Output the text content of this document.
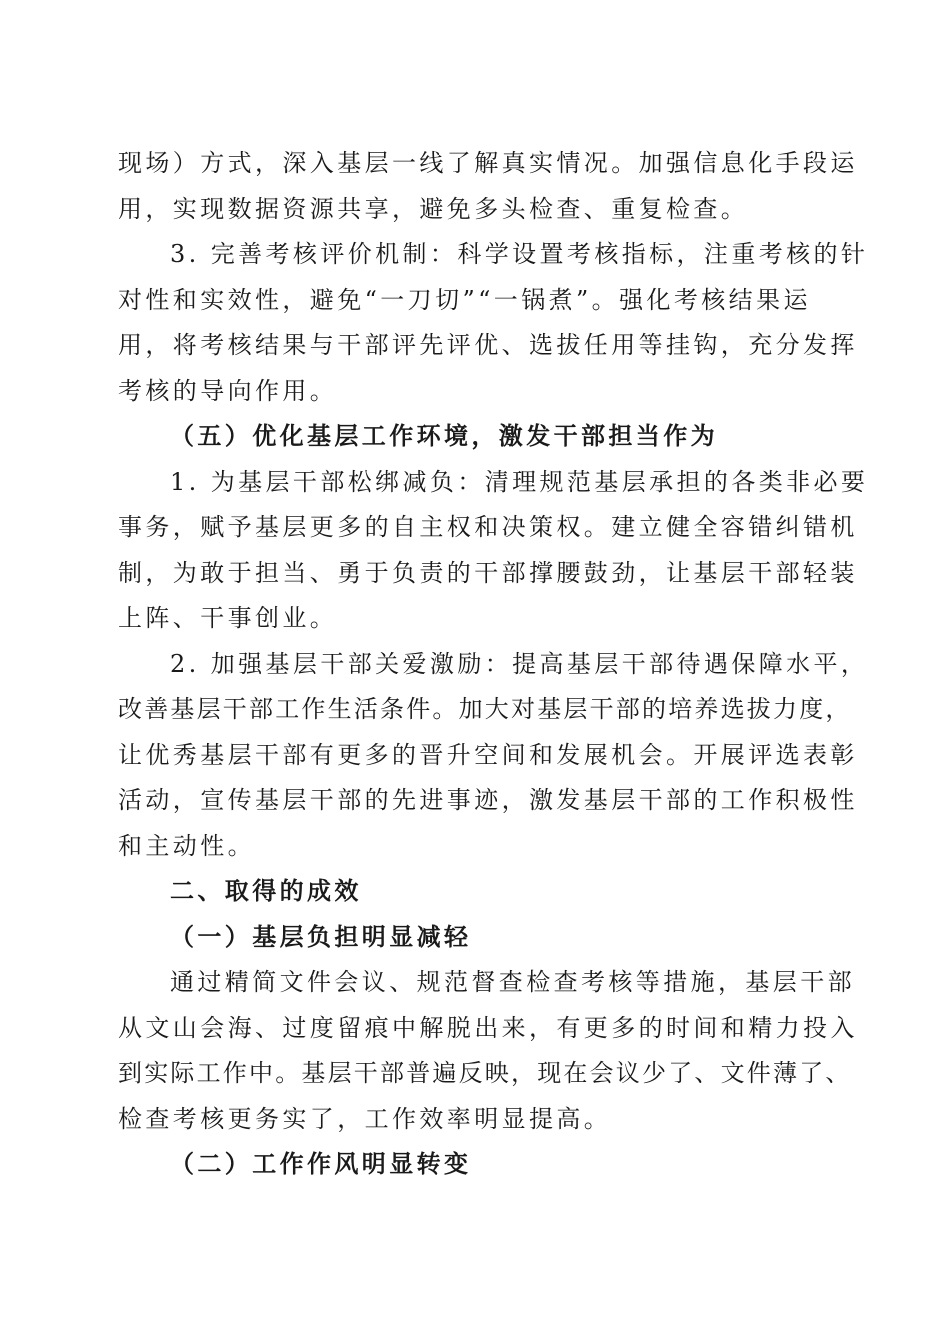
现场）方式，深入基层一线了解真实情况。加强信息化手段运
用，实现数据资源共享，避免多头检查、重复检查。
3. 完善考核评价机制：科学设置考核指标，注重考核的针
对性和实效性，避免“一刀切”“一锅煮”。强化考核结果运
用，将考核结果与干部评先评优、选拔任用等挂钩，充分发挥
考核的导向作用。
（五）优化基层工作环境，激发干部担当作为
1. 为基层干部松绑减负：清理规范基层承担的各类非必要
事务，赋予基层更多的自主权和决策权。建立健全容错纠错机
制，为敢于担当、勇于负责的干部撑腰鼓劲，让基层干部轻装
上阵、干事创业。
2. 加强基层干部关爱激励：提高基层干部待遇保障水平，
改善基层干部工作生活条件。加大对基层干部的培养选拔力度，
让优秀基层干部有更多的晋升空间和发展机会。开展评选表彰
活动，宣传基层干部的先进事迹，激发基层干部的工作积极性
和主动性。
二、取得的成效
（一）基层负担明显减轻
通过精简文件会议、规范督查检查考核等措施，基层干部
从文山会海、过度留痕中解脱出来，有更多的时间和精力投入
到实际工作中。基层干部普遍反映，现在会议少了、文件薄了、
检查考核更务实了，工作效率明显提高。
（二）工作作风明显转变
